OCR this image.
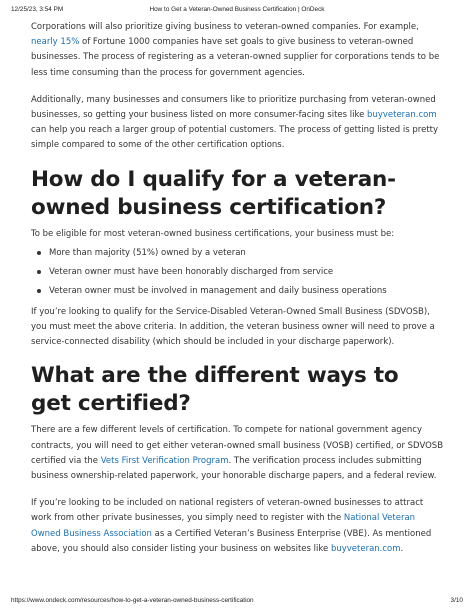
12/25/23, 3:54 PM	How to Get a Veteran-Owned Business Certification | OnDeck

Corporations will also prioritize giving business to veteran-owned companies. For example, nearly 15% of Fortune 1000 companies have set goals to give business to veteran-owned businesses. The process of registering as a veteran-owned supplier for corporations tends to be less time consuming than the process for government agencies.

Additionally, many businesses and consumers like to prioritize purchasing from veteran-owned businesses, so getting your business listed on more consumer-facing sites like buyveteran.com can help you reach a larger group of potential customers. The process of getting listed is pretty simple compared to some of the other certification options.

How do I qualify for a veteran-owned business certification?

To be eligible for most veteran-owned business certifications, your business must be:

More than majority (51%) owned by a veteran
Veteran owner must have been honorably discharged from service
Veteran owner must be involved in management and daily business operations

If you’re looking to qualify for the Service-Disabled Veteran-Owned Small Business (SDVOSB), you must meet the above criteria. In addition, the veteran business owner will need to prove a service-connected disability (which should be included in your discharge paperwork).

What are the different ways to get certified?

There are a few different levels of certification. To compete for national government agency contracts, you will need to get either veteran-owned small business (VOSB) certified, or SDVOSB certified via the Vets First Verification Program. The verification process includes submitting business ownership-related paperwork, your honorable discharge papers, and a federal review.

If you’re looking to be included on national registers of veteran-owned businesses to attract work from other private businesses, you simply need to register with the National Veteran Owned Business Association as a Certified Veteran’s Business Enterprise (VBE). As mentioned above, you should also consider listing your business on websites like buyveteran.com.

https://www.ondeck.com/resources/how-to-get-a-veteran-owned-business-certification	3/10
